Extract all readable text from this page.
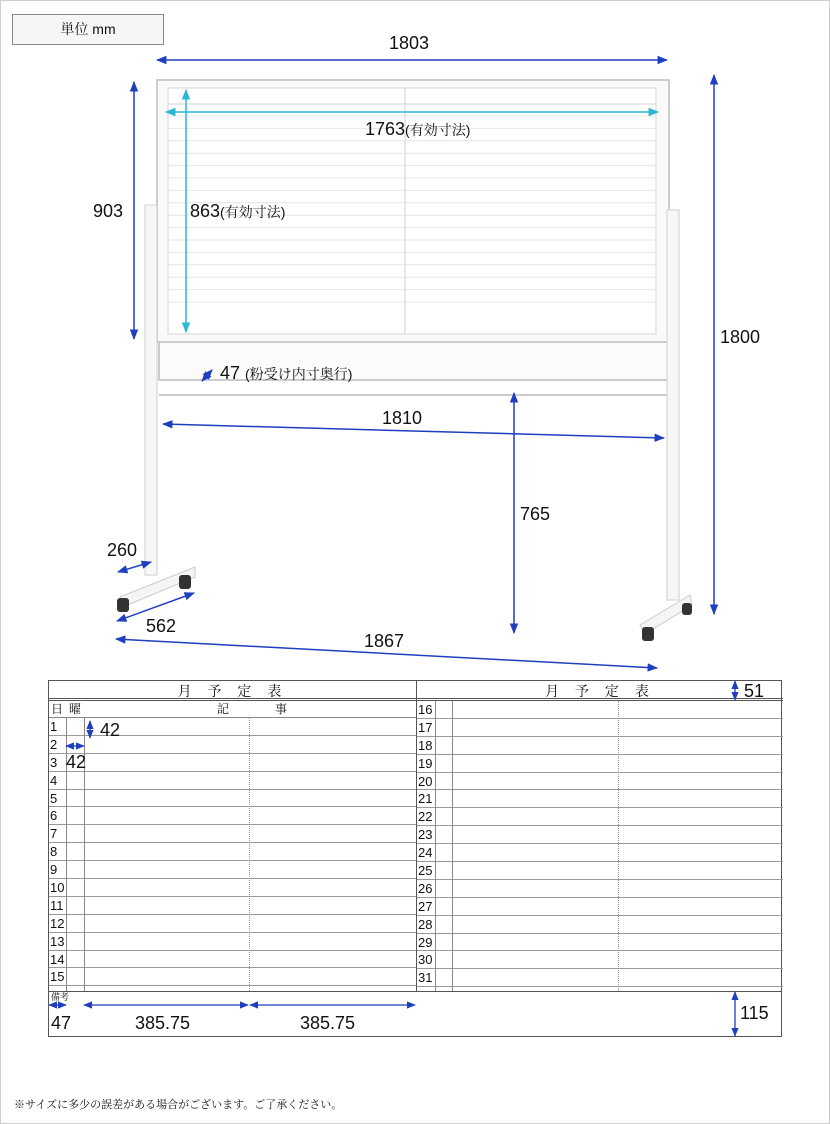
単位 mm
1803
1763(有効寸法)
903	863(有効寸法)
1800
47 (粉受け内寸奥行)
1810
765
260
562
1867
月 予 定 表
日 曜	記	事
1
2
3
4
5
6
7
8
9
10
11
12
13
14
15
月 予 定 表
16
17
18
19
20
21
22
23
24
25
26
27
28
29
30
31
備考
42
42
51
47	385.75	385.75	115
※サイズに多少の誤差がある場合がございます。ご了承ください。
